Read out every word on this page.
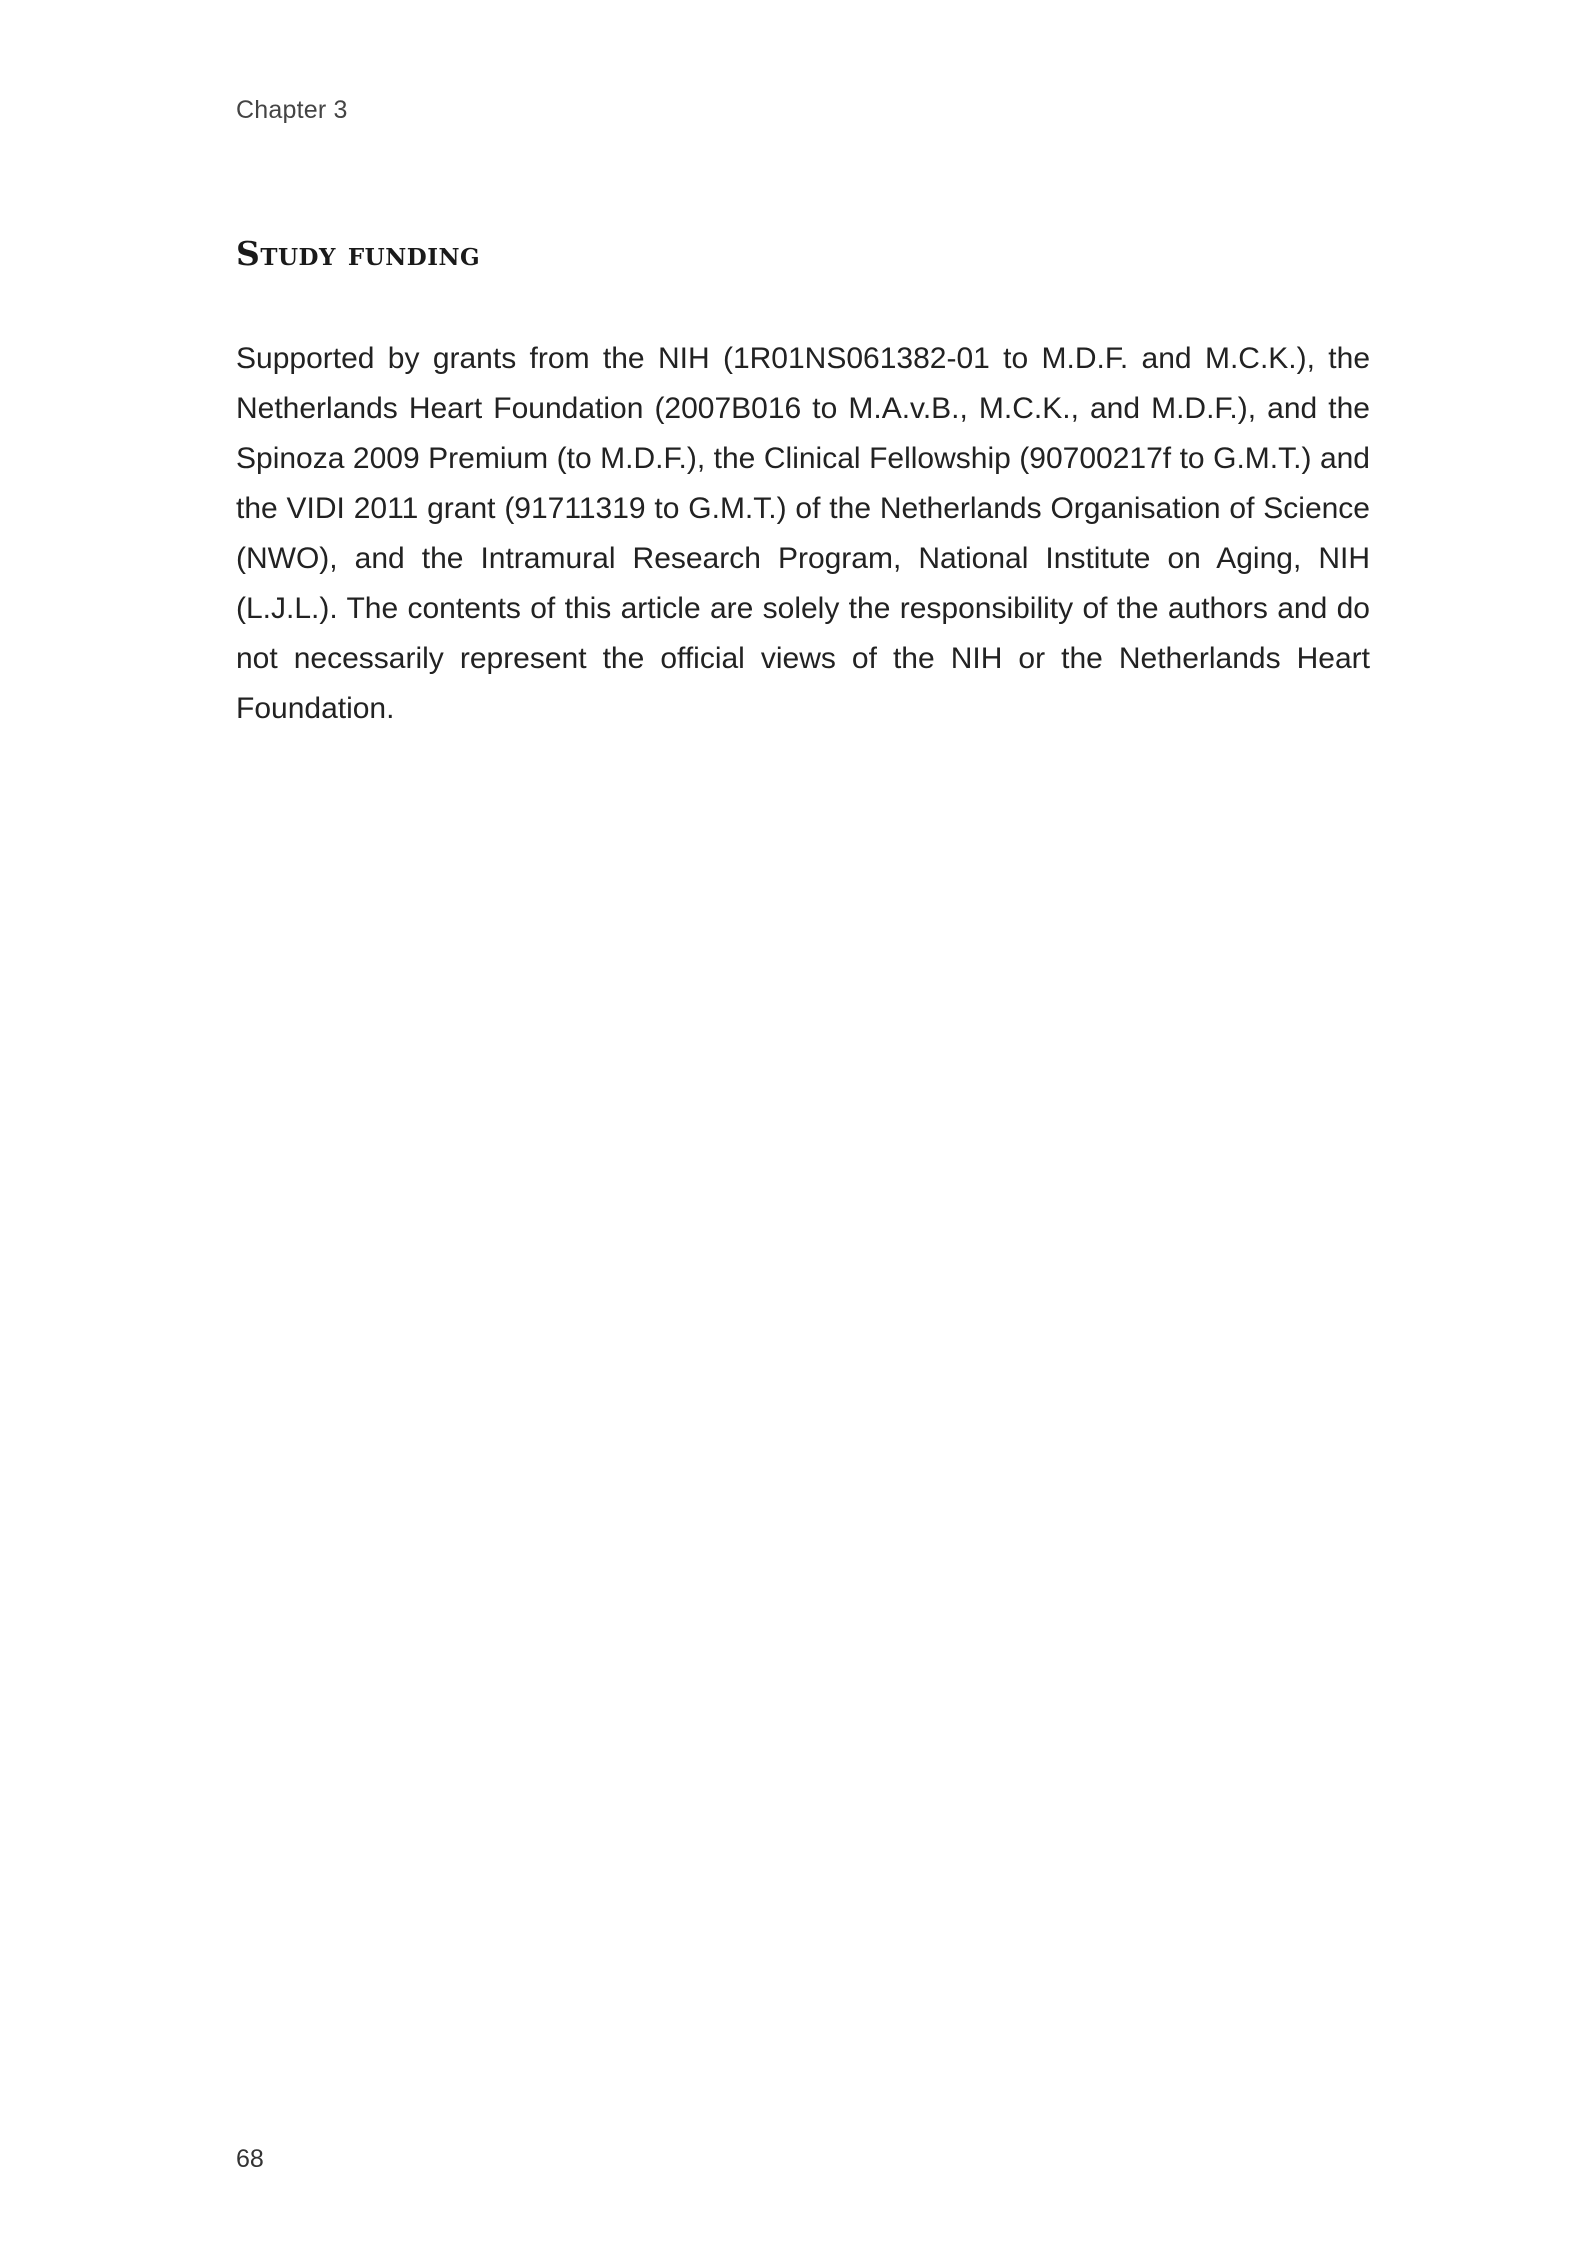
Chapter 3
Study funding

Supported by grants from the NIH (1R01NS061382-01 to M.D.F. and M.C.K.), the Netherlands Heart Foundation (2007B016 to M.A.v.B., M.C.K., and M.D.F.), and the Spinoza 2009 Premium (to M.D.F.), the Clinical Fellowship (90700217f to G.M.T.) and the VIDI 2011 grant (91711319 to G.M.T.) of the Netherlands Organisation of Science (NWO), and the Intramural Research Program, National Institute on Aging, NIH (L.J.L.). The contents of this article are solely the responsibility of the authors and do not necessarily represent the official views of the NIH or the Netherlands Heart Foundation.

68
